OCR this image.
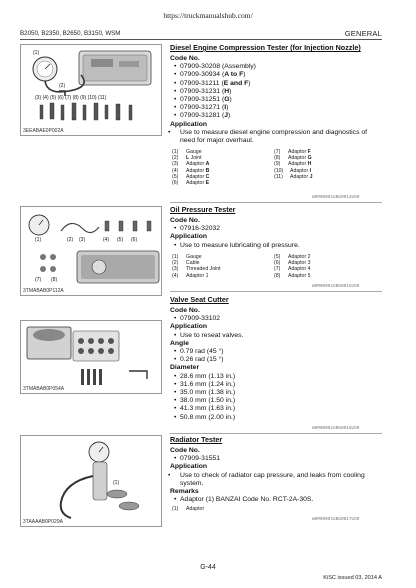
https://truckmanualshub.com/
B2050, B2350, B2650, B3150, WSM	GENERAL
(1)
(2)
(3) (4) (5) (6) (7) (8) (9) (10) (11)
3EEABAE0P002A
Diesel Engine Compression Tester (for Injection Nozzle)
Code No.
• 07909-30208 (Assembly)
• 07909-30934 (A to F)
• 07909-31211 (E and F)
• 07909-31231 (H)
• 07909-31251 (G)
• 07909-31271 (I)
• 07909-31281 (J)
Application
• Use to measure diesel engine compression and diagnostics of need for major overhaul.
(1) Gauge
(2) L Joint
(3) Adaptor A
(4) Adaptor B
(5) Adaptor C
(6) Adaptor E
(7) Adaptor F
(8) Adaptor G
(9) Adaptor H
(10) Adaptor I
(11) Adaptor J
W9M00001GBG0014US0
(1)	(2) (3)	(4) (5) (6)
(7) (8)
3TMABAB0P112A
Oil Pressure Tester
Code No.
• 07916-32032
Application
• Use to measure lubricating oil pressure.
(1) Gauge
(2) Cable
(3) Threaded Joint
(4) Adaptor 1
(5) Adaptor 2
(6) Adaptor 3
(7) Adaptor 4
(8) Adaptor 5
W9M00001GBG0015US0
3TMABAB0P054A
Valve Seat Cutter
Code No.
• 07909-33102
Application
• Use to reseat valves.
Angle
• 0.79 rad (45 °)
• 0.26 rad (15 °)
Diameter
• 28.6 mm (1.13 in.)
• 31.6 mm (1.24 in.)
• 35.0 mm (1.38 in.)
• 38.0 mm (1.50 in.)
• 41.3 mm (1.63 in.)
• 50.8 mm (2.00 in.)
W9M00001GBG0016US0
(1)
3TAAAAB0P029A
Radiator Tester
Code No.
• 07909-31551
Application
• Use to check of radiator cap pressure, and leaks from cooling system.
Remarks
• Adaptor (1) BANZAI Code No. RCT-2A-30S.
(1) Adaptor
W9M00001GBG0017US0
G-44
KiSC issued 03, 2014 A
